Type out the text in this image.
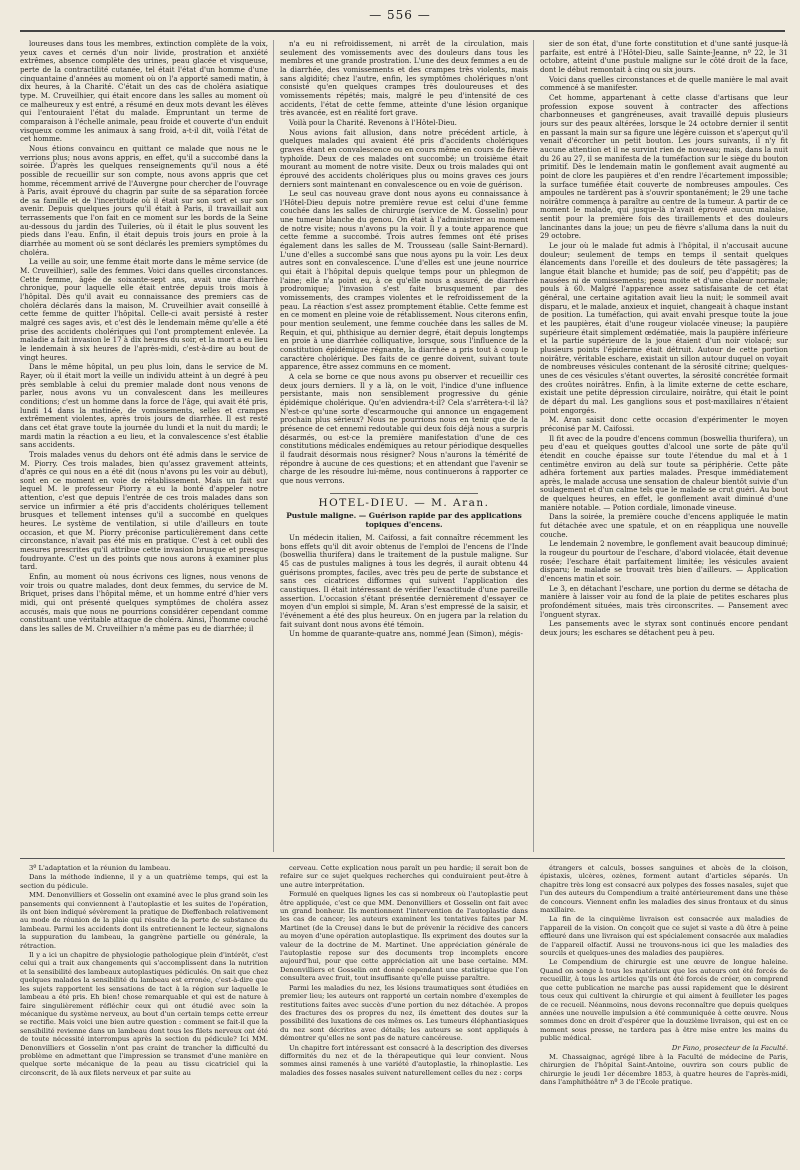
— 556 —

loureuses dans tous les membres, extinction complète de la voix, yeux caves et cernés d'un noir livide, prostration et anxiété extrêmes, absence complète des urines, peau glacée et visqueuse, perte de la contractilité cutanée, tel était l'état d'un homme d'une cinquantaine d'années au moment où on l'a apporté samedi matin, à dix heures, à la Charité. C'était un des cas de choléra asiatique type. M. Cruveilhier, qui était encore dans les salles au moment où ce malheureux y est entré, a résumé en deux mots devant les élèves qui l'entouraient l'état du malade. Empruntant un terme de comparaison à l'échelle animale, peau froide et couverte d'un enduit visqueux comme les animaux à sang froid, a-t-il dit, voilà l'état de cet homme.

Nous étions convaincu en quittant ce malade que nous ne le verrions plus; nous avons appris, en effet, qu'il a succombé dans la soirée. D'après les quelques renseignements qu'il nous a été possible de recueillir sur son compte, nous avons appris que cet homme, récemment arrivé de l'Auvergne pour chercher de l'ouvrage à Paris, avait éprouvé du chagrin par suite de sa séparation forcée de sa famille et de l'incertitude où il était sur son sort et sur son avenir. Depuis quelques jours qu'il était à Paris, il travaillait aux terrassements que l'on fait en ce moment sur les bords de la Seine au-dessous du jardin des Tuileries, où il était le plus souvent les pieds dans l'eau. Enfin, il était depuis trois jours en proie à la diarrhée au moment où se sont déclarés les premiers symptômes du choléra.

La veille au soir, une femme était morte dans le même service (de M. Cruveilhier), salle des femmes. Voici dans quelles circonstances. Cette femme, âgée de soixante-sept ans, avait une diarrhée chronique, pour laquelle elle était entrée depuis trois mois à l'hôpital. Dès qu'il avait eu connaissance des premiers cas de choléra déclarés dans la maison, M. Cruveilhier avait conseillé à cette femme de quitter l'hôpital. Celle-ci avait persisté à rester malgré ces sages avis, et c'est dès le lendemain même qu'elle a été prise des accidents cholériques qui l'ont promptement enlevée. La maladie a fait invasion le 17 à dix heures du soir, et la mort a eu lieu le lendemain à six heures de l'après-midi, c'est-à-dire au bout de vingt heures.

Dans le même hôpital, un peu plus loin, dans le service de M. Rayer, où il était mort la veille un individu atteint à un degré à peu près semblable à celui du premier malade dont nous venons de parler, nous avons vu un convalescent dans les meilleures conditions; c'est un homme dans la force de l'âge, qui avait été pris, lundi 14 dans la matinée, de vomissements, selles et crampes extrêmement violentes, après trois jours de diarrhée. Il est resté dans cet état grave toute la journée du lundi et la nuit du mardi; le mardi matin la réaction a eu lieu, et la convalescence s'est établie sans accidents.

Trois malades venus du dehors ont été admis dans le service de M. Piorry. Ces trois malades, bien qu'assez gravement atteints, d'après ce qui nous en a été dit (nous n'avons pu les voir au début), sont en ce moment en voie de rétablissement. Mais un fait sur lequel M. le professeur Piorry a eu la bonté d'appeler notre attention, c'est que depuis l'entrée de ces trois malades dans son service un infirmier a été pris d'accidents cholériques tellement brusques et tellement intenses qu'il a succombé en quelques heures. Le système de ventilation, si utile d'ailleurs en toute occasion, et que M. Piorry préconise particulièrement dans cette circonstance, n'avait pas été mis en pratique. C'est à cet oubli des mesures prescrites qu'il attribue cette invasion brusque et presque foudroyante. C'est un des points que nous aurons à examiner plus tard.

Enfin, au moment où nous écrivons ces lignes, nous venons de voir trois ou quatre malades, dont deux femmes, du service de M. Briquet, prises dans l'hôpital même, et un homme entré d'hier vers midi, qui ont présenté quelques symptômes de choléra assez accusés, mais que nous ne pourrions considérer cependant comme constituant une véritable attaque de choléra. Ainsi, l'homme couché dans les salles de M. Cruveilhier n'a même pas eu de diarrhée; il

n'a eu ni refroidissement, ni arrêt de la circulation, mais seulement des vomissements avec des douleurs dans tous les membres et une grande prostration. L'une des deux femmes a eu de la diarrhée, des vomissements et des crampes très violents, mais sans algidité; chez l'autre, enfin, les symptômes cholériques n'ont consisté qu'en quelques crampes très douloureuses et des vomissements répétés; mais, malgré le peu d'intensité de ces accidents, l'état de cette femme, atteinte d'une lésion organique très avancée, est en réalité fort grave.

Voilà pour la Charité. Revenons à l'Hôtel-Dieu.

Nous avions fait allusion, dans notre précédent article, à quelques malades qui avaient été pris d'accidents cholériques graves étant en convalescence ou en cours même en cours de fièvre typhoïde. Deux de ces malades ont succombé; un troisième était mourant au moment de notre visite. Deux ou trois malades qui ont éprouvé des accidents cholériques plus ou moins graves ces jours derniers sont maintenant en convalescence ou en voie de guérison.

Le seul cas nouveau grave dont nous ayons eu connaissance à l'Hôtel-Dieu depuis notre première revue est celui d'une femme couchée dans les salles de chirurgie (service de M. Gosselin) pour une tumeur blanche du genou. On était à l'administrer au moment de notre visite; nous n'avons pu la voir. Il y a toute apparence que cette femme a succombé. Trois autres femmes ont été prises également dans les salles de M. Trousseau (salle Saint-Bernard). L'une d'elles a succombé sans que nous ayons pu la voir. Les deux autres sont en convalescence. L'une d'elles est une jeune nourrice qui était à l'hôpital depuis quelque temps pour un phlegmon de l'aine; elle n'a point eu, à ce qu'elle nous a assuré, de diarrhée prodromique; l'invasion s'est faite brusquement par des vomissements, des crampes violentes et le refroidissement de la peau. La réaction s'est assez promptement établie. Cette femme est en ce moment en pleine voie de rétablissement. Nous citerons enfin, pour mention seulement, une femme couchée dans les salles de M. Requin, et qui, phthisique au dernier degré, était depuis longtemps en proie à une diarrhée colliquative, lorsque, sous l'influence de la constitution épidémique régnante, la diarrhée a pris tout à coup le caractère cholérique. Des faits de ce genre doivent, suivant toute apparence, être assez communs en ce moment.

A cela se borne ce que nous avons pu observer et recueillir ces deux jours derniers. Il y a là, on le voit, l'indice d'une influence persistante, mais non sensiblement progressive du génie épidémique cholérique. Qu'en adviendra-t-il? Cela s'arrêtera-t-il là? N'est-ce qu'une sorte d'escarmouche qui annonce un engagement prochain plus sérieux? Nous ne pourrions nous en tenir que de la présence de cet ennemi redoutable qui deux fois déjà nous a surpris désarmés, ou est-ce la première manifestation d'une de ces constitutions médicales endémiques au retour périodique desquelles il faudrait désormais nous résigner? Nous n'aurons la témérité de répondre à aucune de ces questions; et en attendant que l'avenir se charge de les résoudre lui-même, nous continuerons à rapporter ce que nous verrons.

HOTEL-DIEU. — M. Aran.
Pustule maligne. — Guérison rapide par des applications topiques d'encens.

Un médecin italien, M. Caifossi, a fait connaître récemment les bons effets qu'il dit avoir obtenus de l'emploi de l'encens de l'Inde (boswellia thurifera) dans le traitement de la pustule maligne. Sur 45 cas de pustules malignes à tous les degrés, il aurait obtenu 44 guérisons promptes, faciles, avec très peu de perte de substance et sans ces cicatrices difformes qui suivent l'application des caustiques. Il était intéressant de vérifier l'exactitude d'une pareille assertion. L'occasion s'étant présentée dernièrement d'essayer ce moyen d'un emploi si simple, M. Aran s'est empressé de la saisir, et l'événement a été des plus heureux. On en jugera par la relation du fait suivant dont nous avons été témoin.

Un homme de quarante-quatre ans, nommé Jean (Simon), mégis-

sier de son état, d'une forte constitution et d'une santé jusque-là parfaite, est entré à l'Hôtel-Dieu, salle Sainte-Jeanne, nº 22, le 31 octobre, atteint d'une pustule maligne sur le côté droit de la face, dont le début remontait à cinq ou six jours.

Voici dans quelles circonstances et de quelle manière le mal avait commencé à se manifester.

Cet homme, appartenant à cette classe d'artisans que leur profession expose souvent à contracter des affections charbonneuses et gangréneuses, avait travaillé depuis plusieurs jours sur des peaux altérées, lorsque le 24 octobre dernier il sentit en passant la main sur sa figure une légère cuisson et s'aperçut qu'il venait d'écorcher un petit bouton. Les jours suivants, il n'y fit aucune attention et il ne survint rien de nouveau; mais, dans la nuit du 26 au 27, il se manifesta de la tuméfaction sur le siège du bouton primitif. Dès le lendemain matin le gonflement avait augmenté au point de clore les paupières et d'en rendre l'écartement impossible; la surface tuméfiée était couverte de nombreuses ampoules. Ces ampoules ne tardèrent pas à s'ouvrir spontanément; le 29 une tache noirâtre commença à paraître au centre de la tumeur. A partir de ce moment le malade, qui jusque-là n'avait éprouvé aucun malaise, sentit pour la première fois des tiraillements et des douleurs lancinantes dans la joue; un peu de fièvre s'alluma dans la nuit du 29 octobre.

Le jour où le malade fut admis à l'hôpital, il n'accusait aucune douleur; seulement de temps en temps il sentait quelques élancements dans l'oreille et des douleurs de tête passagères; la langue était blanche et humide; pas de soif, peu d'appétit; pas de nausées ni de vomissements; peau moite et d'une chaleur normale; pouls à 60. Malgré l'apparence assez satisfaisante de cet état général, une certaine agitation avait lieu la nuit; le sommeil avait disparu, et le malade, anxieux et inquiet, changeait à chaque instant de position. La tuméfaction, qui avait envahi presque toute la joue et les paupières, était d'une rougeur violacée vineuse; la paupière supérieure était simplement œdématiée, mais la paupière inférieure et la partie supérieure de la joue étaient d'un noir violacé; sur plusieurs points l'épiderme était détruit. Autour de cette portion noirâtre, véritable eschare, existait un sillon autour duquel on voyait de nombreuses vésicules contenant de la sérosité citrine; quelques-unes de ces vésicules s'étant ouvertes, la sérosité concrétée formait des croûtes noirâtres. Enfin, à la limite externe de cette eschare, existait une petite dépression circulaire, noirâtre, qui était le point de départ du mal. Les ganglions sous et post-maxillaires n'étaient point engorgés.

M. Aran saisit donc cette occasion d'expérimenter le moyen préconisé par M. Caifossi.

Il fit avec de la poudre d'encens commun (boswellia thurifera), un peu d'eau et quelques gouttes d'alcool une sorte de pâte qu'il étendit en couche épaisse sur toute l'étendue du mal et à 1 centimètre environ au delà sur toute sa périphérie. Cette pâte adhéra fortement aux parties malades. Presque immédiatement après, le malade accusa une sensation de chaleur bientôt suivie d'un soulagement et d'un calme tels que le malade se crut guéri. Au bout de quelques heures, en effet, le gonflement avait diminué d'une manière notable. — Potion cordiale, limonade vineuse.

Dans la soirée, la première couche d'encens appliquée le matin fut détachée avec une spatule, et on en réappliqua une nouvelle couche.

Le lendemain 2 novembre, le gonflement avait beaucoup diminué; la rougeur du pourtour de l'eschare, d'abord violacée, était devenue rosée; l'eschare était parfaitement limitée; les vésicules avaient disparu; le malade se trouvait très bien d'ailleurs. — Application d'encens matin et soir.

Le 3, en détachant l'eschare, une portion du derme se détacha de manière à laisser voir au fond de la plaie de petites eschares plus profondément situées, mais très circonscrites. — Pansement avec l'onguent styrax.

Les pansements avec le styrax sont continués encore pendant deux jours; les eschares se détachent peu à peu.

3º L'adaptation et la réunion du lambeau.

Dans la méthode indienne, il y a un quatrième temps, qui est la section du pédicule.

MM. Denonvilliers et Gosselin ont examiné avec le plus grand soin les pansements qui conviennent à l'autoplastie et les suites de l'opération, ils ont bien indiqué sévèrement la pratique de Dieffenbach relativement au mode de réunion de la plaie qui résulte de la perte de substance du lambeau. Parmi les accidents dont ils entretiennent le lecteur, signalons la suppuration du lambeau, la gangrène partielle ou générale, la rétraction.

Il y a ici un chapitre de physiologie pathologique plein d'intérêt, c'est celui qui a trait aux changements qui s'accomplissent dans la nutrition et la sensibilité des lambeaux autoplastiques pédiculés. On sait que chez quelques malades la sensibilité du lambeau est erronée, c'est-à-dire que les sujets rapportent les sensations de tact à la région sur laquelle le lambeau a été pris. Eh bien! chose remarquable et qui est de nature à faire singulièrement réfléchir ceux qui ont étudié avec soin la mécanique du système nerveux, au bout d'un certain temps cette erreur se rectifie. Mais voici une bien autre question : comment se fait-il que la sensibilité revienne dans un lambeau dont tous les filets nerveux ont été de toute nécessité interrompus après la section du pédicule? Ici MM. Denonvilliers et Gosselin n'ont pas craint de trancher la difficulté du problème en admettant que l'impression se transmet d'une manière en quelque sorte mécanique de la peau au tissu cicatriciel qui la circonscrit, de là aux filets nerveux et par suite au

cerveau. Cette explication nous paraît un peu hardie; il serait bon de refaire sur ce sujet quelques recherches qui conduiraient peut-être à une autre interprétation.

Formulé en quelques lignes les cas si nombreux où l'autoplastie peut être appliquée, c'est ce que MM. Denonvilliers et Gosselin ont fait avec un grand bonheur. Ils mentionnent l'intervention de l'autoplastie dans les cas de cancer; les auteurs examinent les tentatives faites par M. Martinet (de la Creuse) dans le but de prévenir la récidive des cancers au moyen d'une opération autoplastique. Ils expriment des doutes sur la valeur de la doctrine de M. Martinet. Une appréciation générale de l'autoplastie repose sur des documents trop incomplets encore aujourd'hui, pour que cette appréciation ait une base certaine. MM. Denonvilliers et Gosselin ont donné cependant une statistique que l'on consultera avec fruit, tout insuffisante qu'elle puisse paraître.

Parmi les maladies du nez, les lésions traumatiques sont étudiées en premier lieu; les auteurs ont rapporté un certain nombre d'exemples de restitutions faites avec succès d'une portion du nez détachée. A propos des fractures des os propres du nez, ils émettent des doutes sur la possibilité des luxations de ces mêmes os. Les tumeurs éléphantiasiques du nez sont décrites avec détails; les auteurs se sont appliqués à démontrer qu'elles ne sont pas de nature cancéreuse.

Un chapitre fort intéressant est consacré à la description des diverses difformités du nez et de la thérapeutique qui leur convient. Nous sommes ainsi ramenés à une variété d'autoplastie, la rhinoplastie. Les maladies des fosses nasales suivent naturellement celles du nez : corps

étrangers et calculs, bosses sanguines et abcès de la cloison, épistaxis, ulcères, ozènes, forment autant d'articles séparés. Un chapitre très long est consacré aux polypes des fosses nasales, sujet que l'un des auteurs du Compendium a traité antérieurement dans une thèse de concours. Viennent enfin les maladies des sinus frontaux et du sinus maxillaire.

La fin de la cinquième livraison est consacrée aux maladies de l'appareil de la vision. On conçoit que ce sujet si vaste a dû être à peine effleuré dans une livraison qui est spécialement consacrée aux maladies de l'appareil olfactif. Aussi ne trouvons-nous ici que les maladies des sourcils et quelques-unes des maladies des paupières.

Le Compendium de chirurgie est une œuvre de longue haleine. Quand on songe à tous les matériaux que les auteurs ont été forcés de recueillir, à tous les articles qu'ils ont été forcés de créer, on comprend que cette publication ne marche pas aussi rapidement que le désirent tous ceux qui cultivent la chirurgie et qui aiment à feuilleter les pages de ce recueil. Néanmoins, nous devons reconnaître que depuis quelques années une nouvelle impulsion a été communiquée à cette œuvre. Nous sommes donc en droit d'espérer que la douzième livraison, qui est en ce moment sous presse, ne tardera pas à être mise entre les mains du public médical.

Dr Fano, prosecteur de la Faculté.

M. Chassaignac, agrégé libre à la Faculté de médecine de Paris, chirurgien de l'hôpital Saint-Antoine, ouvrira son cours public de chirurgie le jeudi 1er décembre 1853, à quatre heures de l'après-midi, dans l'amphithéâtre nº 3 de l'École pratique.
